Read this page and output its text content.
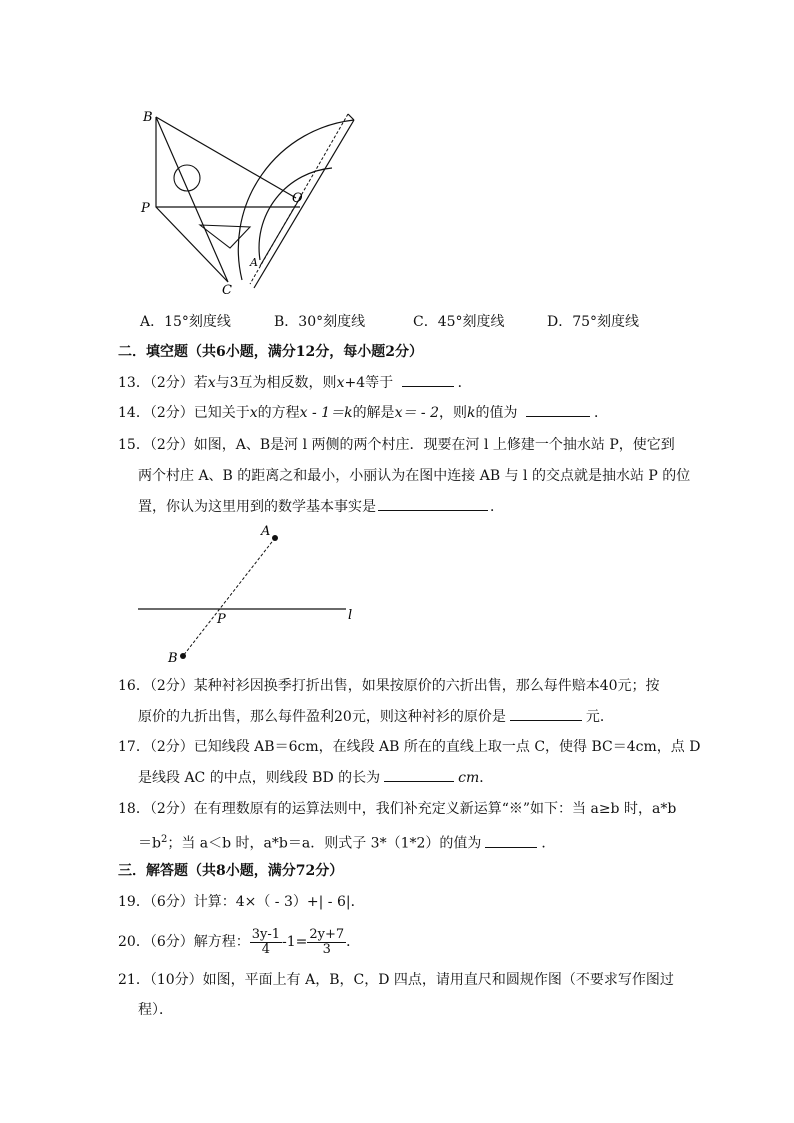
B
P
O
A
C
A．15°刻度线	B．30°刻度线	C．45°刻度线	D．75°刻度线
二．填空题（共6小题，满分12分，每小题2分）
13．（2分）若x与3互为相反数，则x+4等于	．
14．（2分）已知关于x的方程x - 1＝k的解是x＝ - 2，则k的值为	．
15．（2分）如图，A、B是河 l 两侧的两个村庄．现要在河 l 上修建一个抽水站 P，使它到
两个村庄 A、B 的距离之和最小，小丽认为在图中连接 AB 与 l 的交点就是抽水站 P 的位
置，你认为这里用到的数学基本事实是	．
A
P	l
B
16．（2分）某种衬衫因换季打折出售，如果按原价的六折出售，那么每件赔本40元；按
原价的九折出售，那么每件盈利20元，则这种衬衫的原价是	元．
17．（2分）已知线段 AB＝6cm，在线段 AB 所在的直线上取一点 C，使得 BC＝4cm，点 D
是线段 AC 的中点，则线段 BD 的长为	cm．
18．（2分）在有理数原有的运算法则中，我们补充定义新运算“※”如下：当 a≥b 时，a*b
$=b^2$；当 a＜b 时，a*b＝a．则式子 3*（1*2）的值为	．
三．解答题（共8小题，满分72分）
19．（6分）计算：4×（ - 3）+| - 6|．
20．（6分）解方程： $\frac{3y-1}{4} -1= \frac{2y+7}{3}$ ．
21．（10分）如图，平面上有 A，B，C，D 四点，请用直尺和圆规作图（不要求写作图过
程）．
